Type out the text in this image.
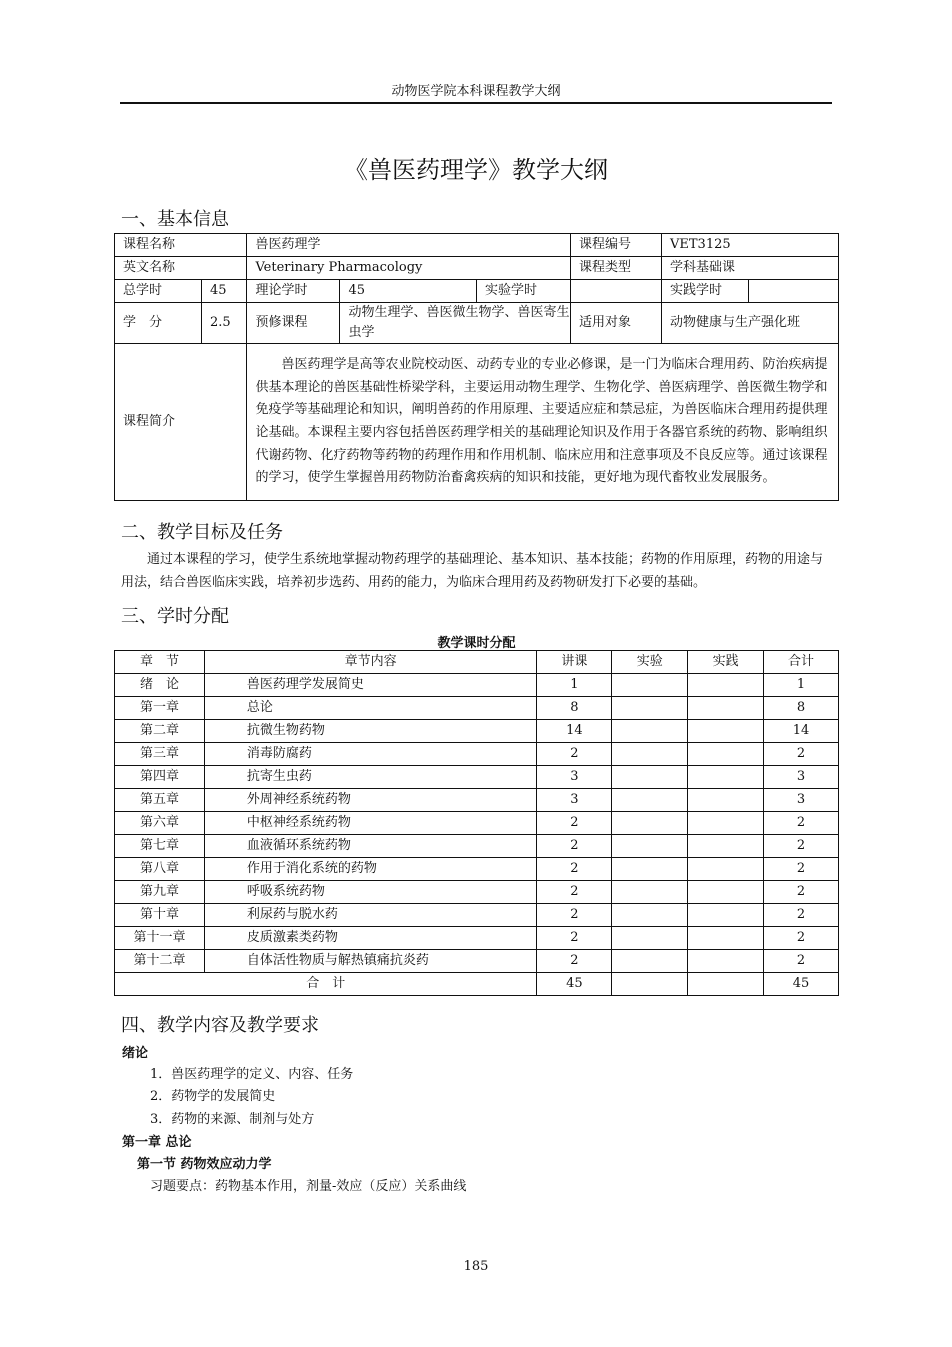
动物医学院本科课程教学大纲
《兽医药理学》教学大纲
一、基本信息
课程名称		兽医药理学			课程编号	VET3125	
英文名称		Veterinary Pharmacology			课程类型	学科基础课	
总学时	45	理论学时	45	实验学时		实践学时	
学　分	2.5	预修课程	动物生理学、兽医微生物学、兽医寄生虫学		适用对象	动物健康与生产强化班	
课程简介		兽医药理学是高等农业院校动医、动药专业的专业必修课，是一门为临床合理用药、防治疾病提供基本理论的兽医基础性桥梁学科，主要运用动物生理学、生物化学、兽医病理学、兽医微生物学和免疫学等基础理论和知识，阐明兽药的作用原理、主要适应症和禁忌症，为兽医临床合理用药提供理论基础。本课程主要内容包括兽医药理学相关的基础理论知识及作用于各器官系统的药物、影响组织代谢药物、化疗药物等药物的药理作用和作用机制、临床应用和注意事项及不良反应等。通过该课程的学习，使学生掌握兽用药物防治畜禽疾病的知识和技能，更好地为现代畜牧业发展服务。					
二、教学目标及任务
通过本课程的学习，使学生系统地掌握动物药理学的基础理论、基本知识、基本技能；药物的作用原理，药物的用途与用法，结合兽医临床实践，培养初步选药、用药的能力，为临床合理用药及药物研发打下必要的基础。
三、学时分配
教学课时分配
章　节	章节内容	讲课	实验	实践	合计
绪　论	兽医药理学发展简史	1			1
第一章	总论	8			8
第二章	抗微生物药物	14			14
第三章	消毒防腐药	2			2
第四章	抗寄生虫药	3			3
第五章	外周神经系统药物	3			3
第六章	中枢神经系统药物	2			2
第七章	血液循环系统药物	2			2
第八章	作用于消化系统的药物	2			2
第九章	呼吸系统药物	2			2
第十章	利尿药与脱水药	2			2
第十一章	皮质激素类药物	2			2
第十二章	自体活性物质与解热镇痛抗炎药	2			2
合　计		45			45
四、教学内容及教学要求
绪论
1．兽医药理学的定义、内容、任务
2．药物学的发展简史
3．药物的来源、制剂与处方
第一章 总论
第一节 药物效应动力学
习题要点：药物基本作用，剂量-效应（反应）关系曲线
185
